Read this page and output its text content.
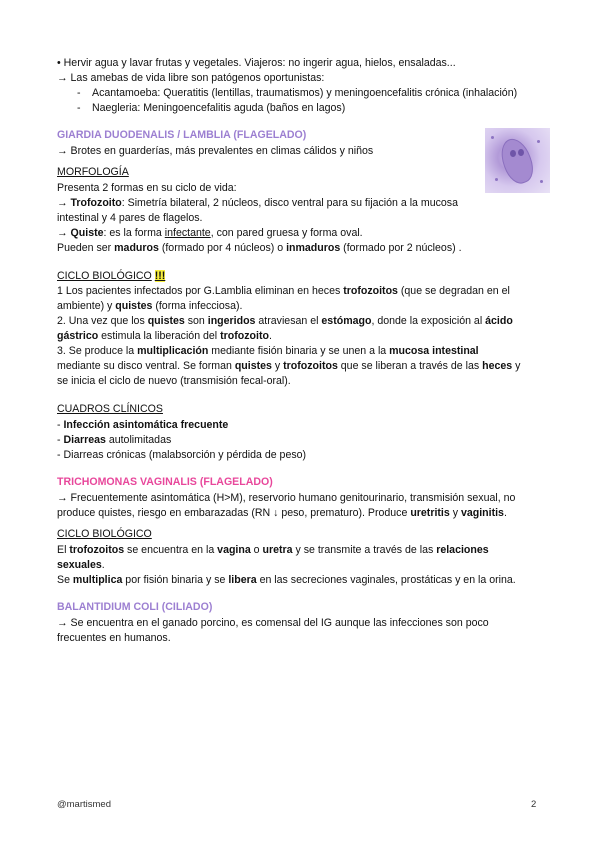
• Hervir agua y lavar frutas y vegetales. Viajeros: no ingerir agua, hielos, ensaladas...
→ Las amebas de vida libre son patógenos oportunistas:
- Acantamoeba: Queratitis (lentillas, traumatismos) y meningoencefalitis crónica (inhalación)
- Naegleria: Meningoencefalitis aguda (baños en lagos)
GIARDIA DUODENALIS / LAMBLIA (FLAGELADO)
→ Brotes en guarderías, más prevalentes en climas cálidos y niños
MORFOLOGÍA
Presenta 2 formas en su ciclo de vida:
→ Trofozoito: Simetría bilateral, 2 núcleos, disco ventral para su fijación a la mucosa
intestinal y 4 pares de flagelos.
→ Quiste: es la forma infectante, con pared gruesa y forma oval.
Pueden ser maduros (formado por 4 núcleos) o inmaduros (formado por 2 núcleos) .
CICLO BIOLÓGICO !!!
1 Los pacientes infectados por G.Lamblia eliminan en heces trofozoitos (que se degradan en el
ambiente) y quistes (forma infecciosa).
2. Una vez que los quistes son ingeridos atraviesan el estómago, donde la exposición al ácido
gástrico estimula la liberación del trofozoito.
3. Se produce la multiplicación mediante fisión binaria y se unen a la mucosa intestinal
mediante su disco ventral. Se forman quistes y trofozoitos que se liberan a través de las heces y
se inicia el ciclo de nuevo (transmisión fecal-oral).
CUADROS CLÍNICOS
- Infección asintomática frecuente
- Diarreas autolimitadas
- Diarreas crónicas (malabsorción y pérdida de peso)
TRICHOMONAS VAGINALIS (FLAGELADO)
→ Frecuentemente asintomática (H>M), reservorio humano genitourinario, transmisión sexual, no
produce quistes, riesgo en embarazadas (RN ↓ peso, prematuro). Produce uretritis y vaginitis.
CICLO BIOLÓGICO
El trofozoitos se encuentra en la vagina o uretra y se transmite a través de las relaciones
sexuales.
Se multiplica por fisión binaria y se libera en las secreciones vaginales, prostáticas y en la orina.
BALANTIDIUM COLI (CILIADO)
→ Se encuentra en el ganado porcino, es comensal del IG aunque las infecciones son poco
frecuentes en humanos.
@martismed	2
